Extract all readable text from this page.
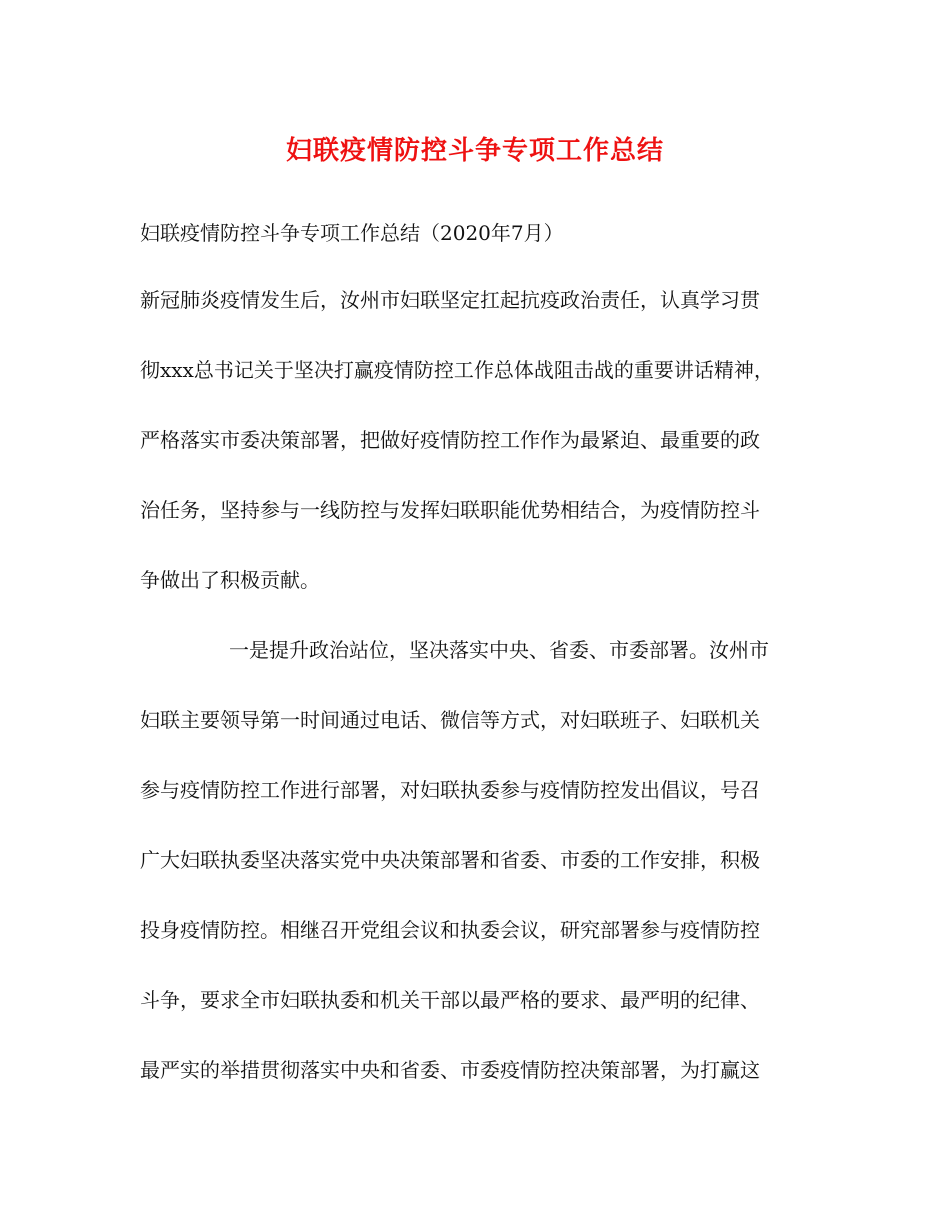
妇联疫情防控斗争专项工作总结
妇联疫情防控斗争专项工作总结（2020年7月）
新冠肺炎疫情发生后，汝州市妇联坚定扛起抗疫政治责任，认真学习贯
彻xxx总书记关于坚决打赢疫情防控工作总体战阻击战的重要讲话精神，
严格落实市委决策部署，把做好疫情防控工作作为最紧迫、最重要的政
治任务，坚持参与一线防控与发挥妇联职能优势相结合，为疫情防控斗
争做出了积极贡献。
一是提升政治站位，坚决落实中央、省委、市委部署。汝州市
妇联主要领导第一时间通过电话、微信等方式，对妇联班子、妇联机关
参与疫情防控工作进行部署，对妇联执委参与疫情防控发出倡议，号召
广大妇联执委坚决落实党中央决策部署和省委、市委的工作安排，积极
投身疫情防控。相继召开党组会议和执委会议，研究部署参与疫情防控
斗争，要求全市妇联执委和机关干部以最严格的要求、最严明的纪律、
最严实的举措贯彻落实中央和省委、市委疫情防控决策部署，为打赢这
